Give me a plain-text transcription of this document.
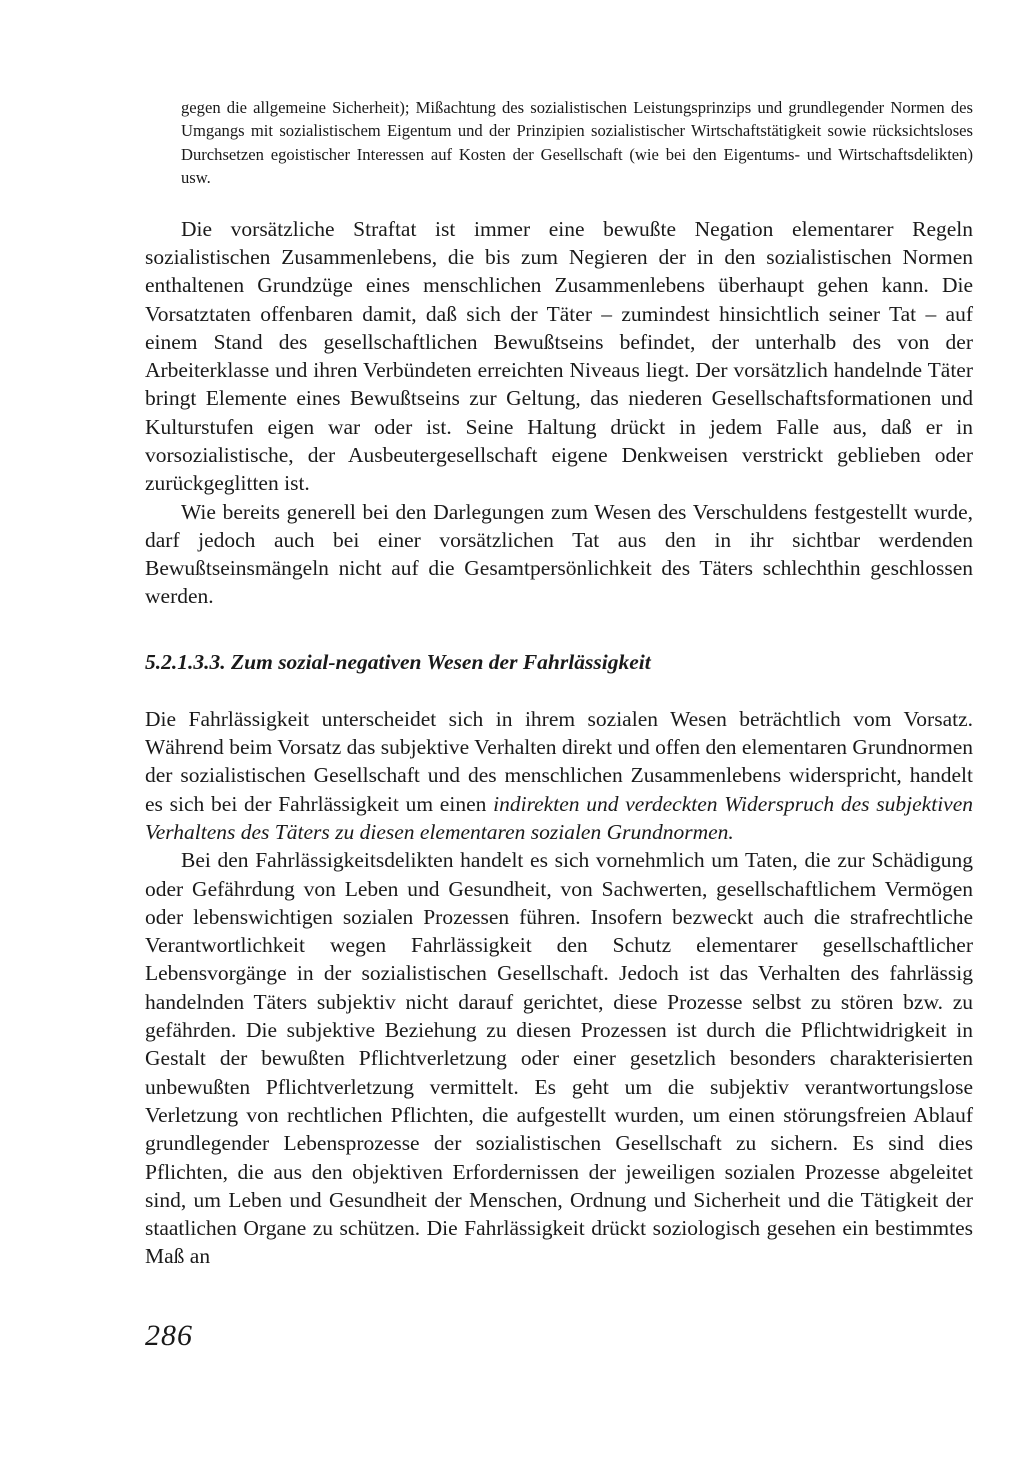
gegen die allgemeine Sicherheit); Mißachtung des sozialistischen Leistungsprinzips und grundlegender Normen des Umgangs mit sozialistischem Eigentum und der Prinzipien sozialistischer Wirtschaftstätigkeit sowie rücksichtsloses Durchsetzen egoistischer Interessen auf Kosten der Gesellschaft (wie bei den Eigentums- und Wirtschaftsdelikten) usw.

Die vorsätzliche Straftat ist immer eine bewußte Negation elementarer Regeln sozialistischen Zusammenlebens, die bis zum Negieren der in den sozialistischen Normen enthaltenen Grundzüge eines menschlichen Zusammenlebens überhaupt gehen kann. Die Vorsatztaten offenbaren damit, daß sich der Täter – zumindest hinsichtlich seiner Tat – auf einem Stand des gesellschaftlichen Bewußtseins befindet, der unterhalb des von der Arbeiterklasse und ihren Verbündeten erreichten Niveaus liegt. Der vorsätzlich handelnde Täter bringt Elemente eines Bewußtseins zur Geltung, das niederen Gesellschaftsformationen und Kulturstufen eigen war oder ist. Seine Haltung drückt in jedem Falle aus, daß er in vorsozialistische, der Ausbeutergesellschaft eigene Denkweisen verstrickt geblieben oder zurückgeglitten ist.

Wie bereits generell bei den Darlegungen zum Wesen des Verschuldens festgestellt wurde, darf jedoch auch bei einer vorsätzlichen Tat aus den in ihr sichtbar werdenden Bewußtseinsmängeln nicht auf die Gesamtpersönlichkeit des Täters schlechthin geschlossen werden.

5.2.1.3.3. Zum sozial-negativen Wesen der Fahrlässigkeit

Die Fahrlässigkeit unterscheidet sich in ihrem sozialen Wesen beträchtlich vom Vorsatz. Während beim Vorsatz das subjektive Verhalten direkt und offen den elementaren Grundnormen der sozialistischen Gesellschaft und des menschlichen Zusammenlebens widerspricht, handelt es sich bei der Fahrlässigkeit um einen indirekten und verdeckten Widerspruch des subjektiven Verhaltens des Täters zu diesen elementaren sozialen Grundnormen.

Bei den Fahrlässigkeitsdelikten handelt es sich vornehmlich um Taten, die zur Schädigung oder Gefährdung von Leben und Gesundheit, von Sachwerten, gesellschaftlichem Vermögen oder lebenswichtigen sozialen Prozessen führen. Insofern bezweckt auch die strafrechtliche Verantwortlichkeit wegen Fahrlässigkeit den Schutz elementarer gesellschaftlicher Lebensvorgänge in der sozialistischen Gesellschaft. Jedoch ist das Verhalten des fahrlässig handelnden Täters subjektiv nicht darauf gerichtet, diese Prozesse selbst zu stören bzw. zu gefährden. Die subjektive Beziehung zu diesen Prozessen ist durch die Pflichtwidrigkeit in Gestalt der bewußten Pflichtverletzung oder einer gesetzlich besonders charakterisierten unbewußten Pflichtverletzung vermittelt. Es geht um die subjektiv verantwortungslose Verletzung von rechtlichen Pflichten, die aufgestellt wurden, um einen störungsfreien Ablauf grundlegender Lebensprozesse der sozialistischen Gesellschaft zu sichern. Es sind dies Pflichten, die aus den objektiven Erfordernissen der jeweiligen sozialen Prozesse abgeleitet sind, um Leben und Gesundheit der Menschen, Ordnung und Sicherheit und die Tätigkeit der staatlichen Organe zu schützen. Die Fahrlässigkeit drückt soziologisch gesehen ein bestimmtes Maß an

286
